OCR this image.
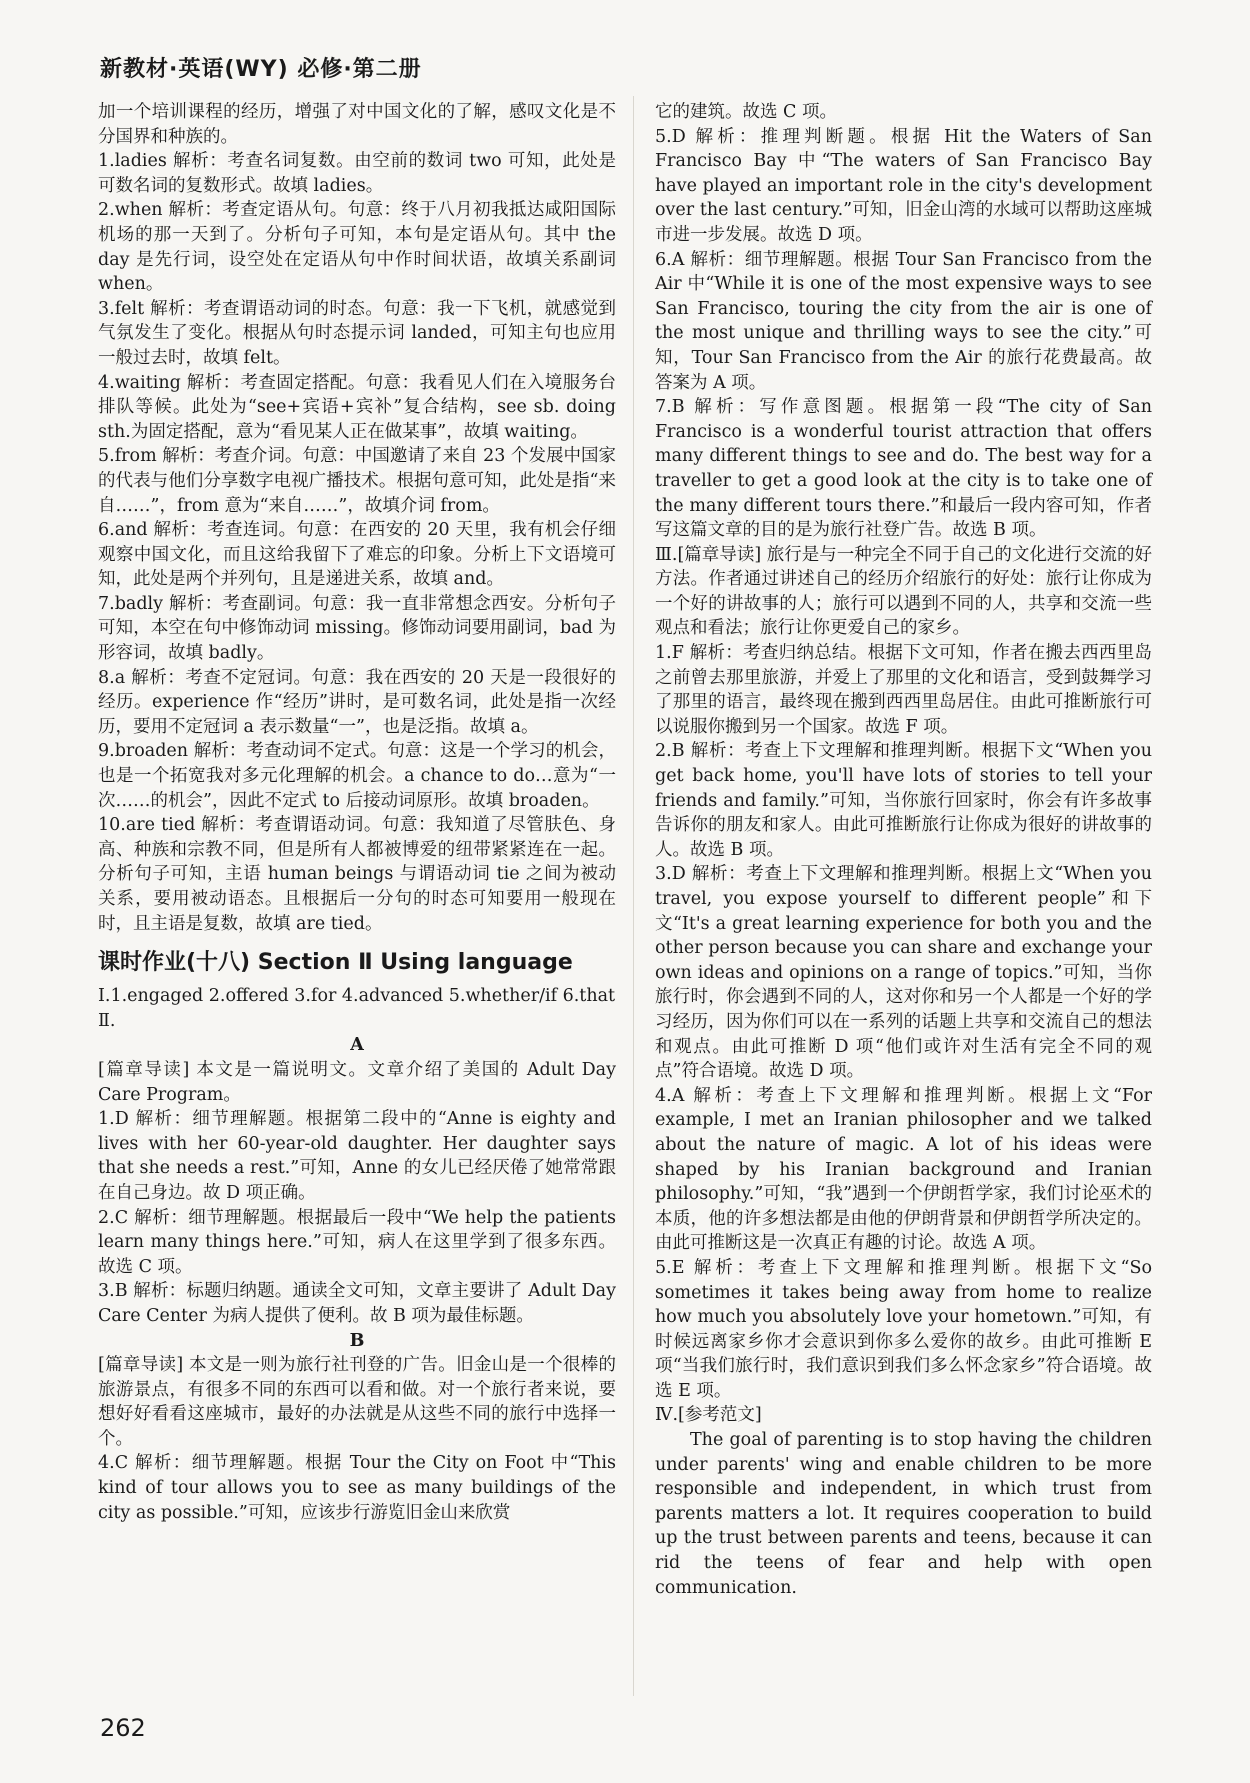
新教材·英语(WY) 必修·第二册

加一个培训课程的经历，增强了对中国文化的了解，感叹文化是不分国界和种族的。

1.ladies 解析：考查名词复数。由空前的数词 two 可知，此处是可数名词的复数形式。故填 ladies。

2.when 解析：考查定语从句。句意：终于八月初我抵达咸阳国际机场的那一天到了。分析句子可知，本句是定语从句。其中 the day 是先行词，设空处在定语从句中作时间状语，故填关系副词 when。

3.felt 解析：考查谓语动词的时态。句意：我一下飞机，就感觉到气氛发生了变化。根据从句时态提示词 landed，可知主句也应用一般过去时，故填 felt。

4.waiting 解析：考查固定搭配。句意：我看见人们在入境服务台排队等候。此处为“see+宾语+宾补”复合结构，see sb. doing sth.为固定搭配，意为“看见某人正在做某事”，故填 waiting。

5.from 解析：考查介词。句意：中国邀请了来自 23 个发展中国家的代表与他们分享数字电视广播技术。根据句意可知，此处是指“来自……”，from 意为“来自……”，故填介词 from。

6.and 解析：考查连词。句意：在西安的 20 天里，我有机会仔细观察中国文化，而且这给我留下了难忘的印象。分析上下文语境可知，此处是两个并列句，且是递进关系，故填 and。

7.badly 解析：考查副词。句意：我一直非常想念西安。分析句子可知，本空在句中修饰动词 missing。修饰动词要用副词，bad 为形容词，故填 badly。

8.a 解析：考查不定冠词。句意：我在西安的 20 天是一段很好的经历。experience 作“经历”讲时，是可数名词，此处是指一次经历，要用不定冠词 a 表示数量“一”，也是泛指。故填 a。

9.broaden 解析：考查动词不定式。句意：这是一个学习的机会，也是一个拓宽我对多元化理解的机会。a chance to do…意为“一次……的机会”，因此不定式 to 后接动词原形。故填 broaden。

10.are tied 解析：考查谓语动词。句意：我知道了尽管肤色、身高、种族和宗教不同，但是所有人都被博爱的纽带紧紧连在一起。分析句子可知，主语 human beings 与谓语动词 tie 之间为被动关系，要用被动语态。且根据后一分句的时态可知要用一般现在时，且主语是复数，故填 are tied。

课时作业(十八) Section Ⅱ Using language

Ⅰ.1.engaged 2.offered 3.for 4.advanced 5.whether/if 6.that

Ⅱ.

A

[篇章导读] 本文是一篇说明文。文章介绍了美国的 Adult Day Care Program。

1.D 解析：细节理解题。根据第二段中的“Anne is eighty and lives with her 60-year-old daughter. Her daughter says that she needs a rest.”可知，Anne 的女儿已经厌倦了她常常跟在自己身边。故 D 项正确。

2.C 解析：细节理解题。根据最后一段中“We help the patients learn many things here.”可知，病人在这里学到了很多东西。故选 C 项。

3.B 解析：标题归纳题。通读全文可知，文章主要讲了 Adult Day Care Center 为病人提供了便利。故 B 项为最佳标题。

B

[篇章导读] 本文是一则为旅行社刊登的广告。旧金山是一个很棒的旅游景点，有很多不同的东西可以看和做。对一个旅行者来说，要想好好看看这座城市，最好的办法就是从这些不同的旅行中选择一个。

4.C 解析：细节理解题。根据 Tour the City on Foot 中“This kind of tour allows you to see as many buildings of the city as possible.”可知，应该步行游览旧金山来欣赏

它的建筑。故选 C 项。

5.D 解析：推理判断题。根据 Hit the Waters of San Francisco Bay 中“The waters of San Francisco Bay have played an important role in the city's development over the last century.”可知，旧金山湾的水域可以帮助这座城市进一步发展。故选 D 项。

6.A 解析：细节理解题。根据 Tour San Francisco from the Air 中“While it is one of the most expensive ways to see San Francisco, touring the city from the air is one of the most unique and thrilling ways to see the city.”可知，Tour San Francisco from the Air 的旅行花费最高。故答案为 A 项。

7.B 解析：写作意图题。根据第一段“The city of San Francisco is a wonderful tourist attraction that offers many different things to see and do. The best way for a traveller to get a good look at the city is to take one of the many different tours there.”和最后一段内容可知，作者写这篇文章的目的是为旅行社登广告。故选 B 项。

Ⅲ.[篇章导读] 旅行是与一种完全不同于自己的文化进行交流的好方法。作者通过讲述自己的经历介绍旅行的好处：旅行让你成为一个好的讲故事的人；旅行可以遇到不同的人，共享和交流一些观点和看法；旅行让你更爱自己的家乡。

1.F 解析：考查归纳总结。根据下文可知，作者在搬去西西里岛之前曾去那里旅游，并爱上了那里的文化和语言，受到鼓舞学习了那里的语言，最终现在搬到西西里岛居住。由此可推断旅行可以说服你搬到另一个国家。故选 F 项。

2.B 解析：考查上下文理解和推理判断。根据下文“When you get back home, you'll have lots of stories to tell your friends and family.”可知，当你旅行回家时，你会有许多故事告诉你的朋友和家人。由此可推断旅行让你成为很好的讲故事的人。故选 B 项。

3.D 解析：考查上下文理解和推理判断。根据上文“When you travel, you expose yourself to different people”和下文“It's a great learning experience for both you and the other person because you can share and exchange your own ideas and opinions on a range of topics.”可知，当你旅行时，你会遇到不同的人，这对你和另一个人都是一个好的学习经历，因为你们可以在一系列的话题上共享和交流自己的想法和观点。由此可推断 D 项“他们或许对生活有完全不同的观点”符合语境。故选 D 项。

4.A 解析：考查上下文理解和推理判断。根据上文“For example, I met an Iranian philosopher and we talked about the nature of magic. A lot of his ideas were shaped by his Iranian background and Iranian philosophy.”可知，“我”遇到一个伊朗哲学家，我们讨论巫术的本质，他的许多想法都是由他的伊朗背景和伊朗哲学所决定的。由此可推断这是一次真正有趣的讨论。故选 A 项。

5.E 解析：考查上下文理解和推理判断。根据下文“So sometimes it takes being away from home to realize how much you absolutely love your hometown.”可知，有时候远离家乡你才会意识到你多么爱你的故乡。由此可推断 E 项“当我们旅行时，我们意识到我们多么怀念家乡”符合语境。故选 E 项。

Ⅳ.[参考范文]

The goal of parenting is to stop having the children under parents' wing and enable children to be more responsible and independent, in which trust from parents matters a lot. It requires cooperation to build up the trust between parents and teens, because it can rid the teens of fear and help with open communication.

262
